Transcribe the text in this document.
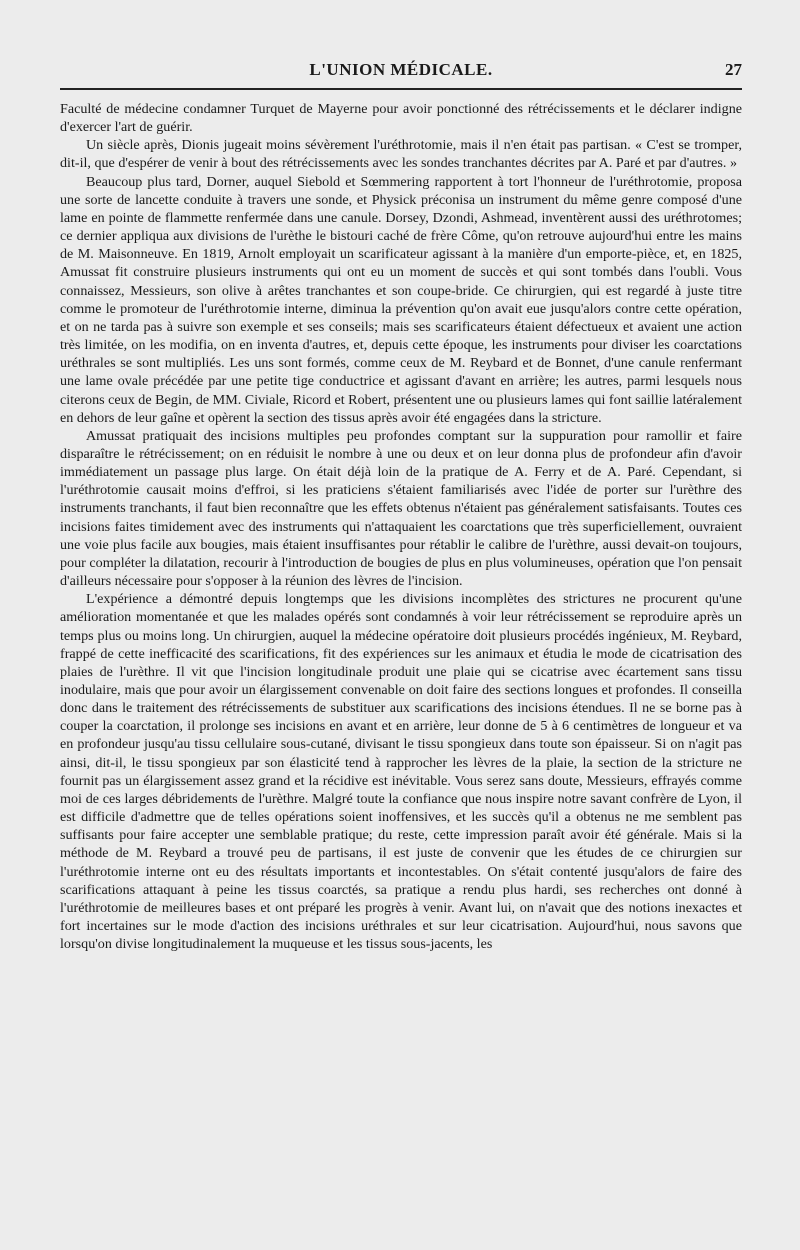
L'UNION MÉDICALE.	27

Faculté de médecine condamner Turquet de Mayerne pour avoir ponctionné des rétrécissements et le déclarer indigne d'exercer l'art de guérir.

Un siècle après, Dionis jugeait moins sévèrement l'uréthrotomie, mais il n'en était pas partisan. « C'est se tromper, dit-il, que d'espérer de venir à bout des rétrécissements avec les sondes tranchantes décrites par A. Paré et par d'autres. »

Beaucoup plus tard, Dorner, auquel Siebold et Sœmmering rapportent à tort l'honneur de l'uréthrotomie, proposa une sorte de lancette conduite à travers une sonde, et Physick préconisa un instrument du même genre composé d'une lame en pointe de flammette renfermée dans une canule. Dorsey, Dzondi, Ashmead, inventèrent aussi des uréthrotomes; ce dernier appliqua aux divisions de l'urèthe le bistouri caché de frère Côme, qu'on retrouve aujourd'hui entre les mains de M. Maisonneuve. En 1819, Arnolt employait un scarificateur agissant à la manière d'un emporte-pièce, et, en 1825, Amussat fit construire plusieurs instruments qui ont eu un moment de succès et qui sont tombés dans l'oubli. Vous connaissez, Messieurs, son olive à arêtes tranchantes et son coupe-bride. Ce chirurgien, qui est regardé à juste titre comme le promoteur de l'uréthrotomie interne, diminua la prévention qu'on avait eue jusqu'alors contre cette opération, et on ne tarda pas à suivre son exemple et ses conseils; mais ses scarificateurs étaient défectueux et avaient une action très limitée, on les modifia, on en inventa d'autres, et, depuis cette époque, les instruments pour diviser les coarctations uréthrales se sont multipliés. Les uns sont formés, comme ceux de M. Reybard et de Bonnet, d'une canule renfermant une lame ovale précédée par une petite tige conductrice et agissant d'avant en arrière; les autres, parmi lesquels nous citerons ceux de Begin, de MM. Civiale, Ricord et Robert, présentent une ou plusieurs lames qui font saillie latéralement en dehors de leur gaîne et opèrent la section des tissus après avoir été engagées dans la stricture.

Amussat pratiquait des incisions multiples peu profondes comptant sur la suppuration pour ramollir et faire disparaître le rétrécissement; on en réduisit le nombre à une ou deux et on leur donna plus de profondeur afin d'avoir immédiatement un passage plus large. On était déjà loin de la pratique de A. Ferry et de A. Paré. Cependant, si l'uréthrotomie causait moins d'effroi, si les praticiens s'étaient familiarisés avec l'idée de porter sur l'urèthre des instruments tranchants, il faut bien reconnaître que les effets obtenus n'étaient pas généralement satisfaisants. Toutes ces incisions faites timidement avec des instruments qui n'attaquaient les coarctations que très superficiellement, ouvraient une voie plus facile aux bougies, mais étaient insuffisantes pour rétablir le calibre de l'urèthre, aussi devait-on toujours, pour compléter la dilatation, recourir à l'introduction de bougies de plus en plus volumineuses, opération que l'on pensait d'ailleurs nécessaire pour s'opposer à la réunion des lèvres de l'incision.

L'expérience a démontré depuis longtemps que les divisions incomplètes des strictures ne procurent qu'une amélioration momentanée et que les malades opérés sont condamnés à voir leur rétrécissement se reproduire après un temps plus ou moins long. Un chirurgien, auquel la médecine opératoire doit plusieurs procédés ingénieux, M. Reybard, frappé de cette inefficacité des scarifications, fit des expériences sur les animaux et étudia le mode de cicatrisation des plaies de l'urèthre. Il vit que l'incision longitudinale produit une plaie qui se cicatrise avec écartement sans tissu inodulaire, mais que pour avoir un élargissement convenable on doit faire des sections longues et profondes. Il conseilla donc dans le traitement des rétrécissements de substituer aux scarifications des incisions étendues. Il ne se borne pas à couper la coarctation, il prolonge ses incisions en avant et en arrière, leur donne de 5 à 6 centimètres de longueur et va en profondeur jusqu'au tissu cellulaire sous-cutané, divisant le tissu spongieux dans toute son épaisseur. Si on n'agit pas ainsi, dit-il, le tissu spongieux par son élasticité tend à rapprocher les lèvres de la plaie, la section de la stricture ne fournit pas un élargissement assez grand et la récidive est inévitable. Vous serez sans doute, Messieurs, effrayés comme moi de ces larges débridements de l'urèthre. Malgré toute la confiance que nous inspire notre savant confrère de Lyon, il est difficile d'admettre que de telles opérations soient inoffensives, et les succès qu'il a obtenus ne me semblent pas suffisants pour faire accepter une semblable pratique; du reste, cette impression paraît avoir été générale. Mais si la méthode de M. Reybard a trouvé peu de partisans, il est juste de convenir que les études de ce chirurgien sur l'uréthrotomie interne ont eu des résultats importants et incontestables. On s'était contenté jusqu'alors de faire des scarifications attaquant à peine les tissus coarctés, sa pratique a rendu plus hardi, ses recherches ont donné à l'uréthrotomie de meilleures bases et ont préparé les progrès à venir. Avant lui, on n'avait que des notions inexactes et fort incertaines sur le mode d'action des incisions uréthrales et sur leur cicatrisation. Aujourd'hui, nous savons que lorsqu'on divise longitudinalement la muqueuse et les tissus sous-jacents, les
